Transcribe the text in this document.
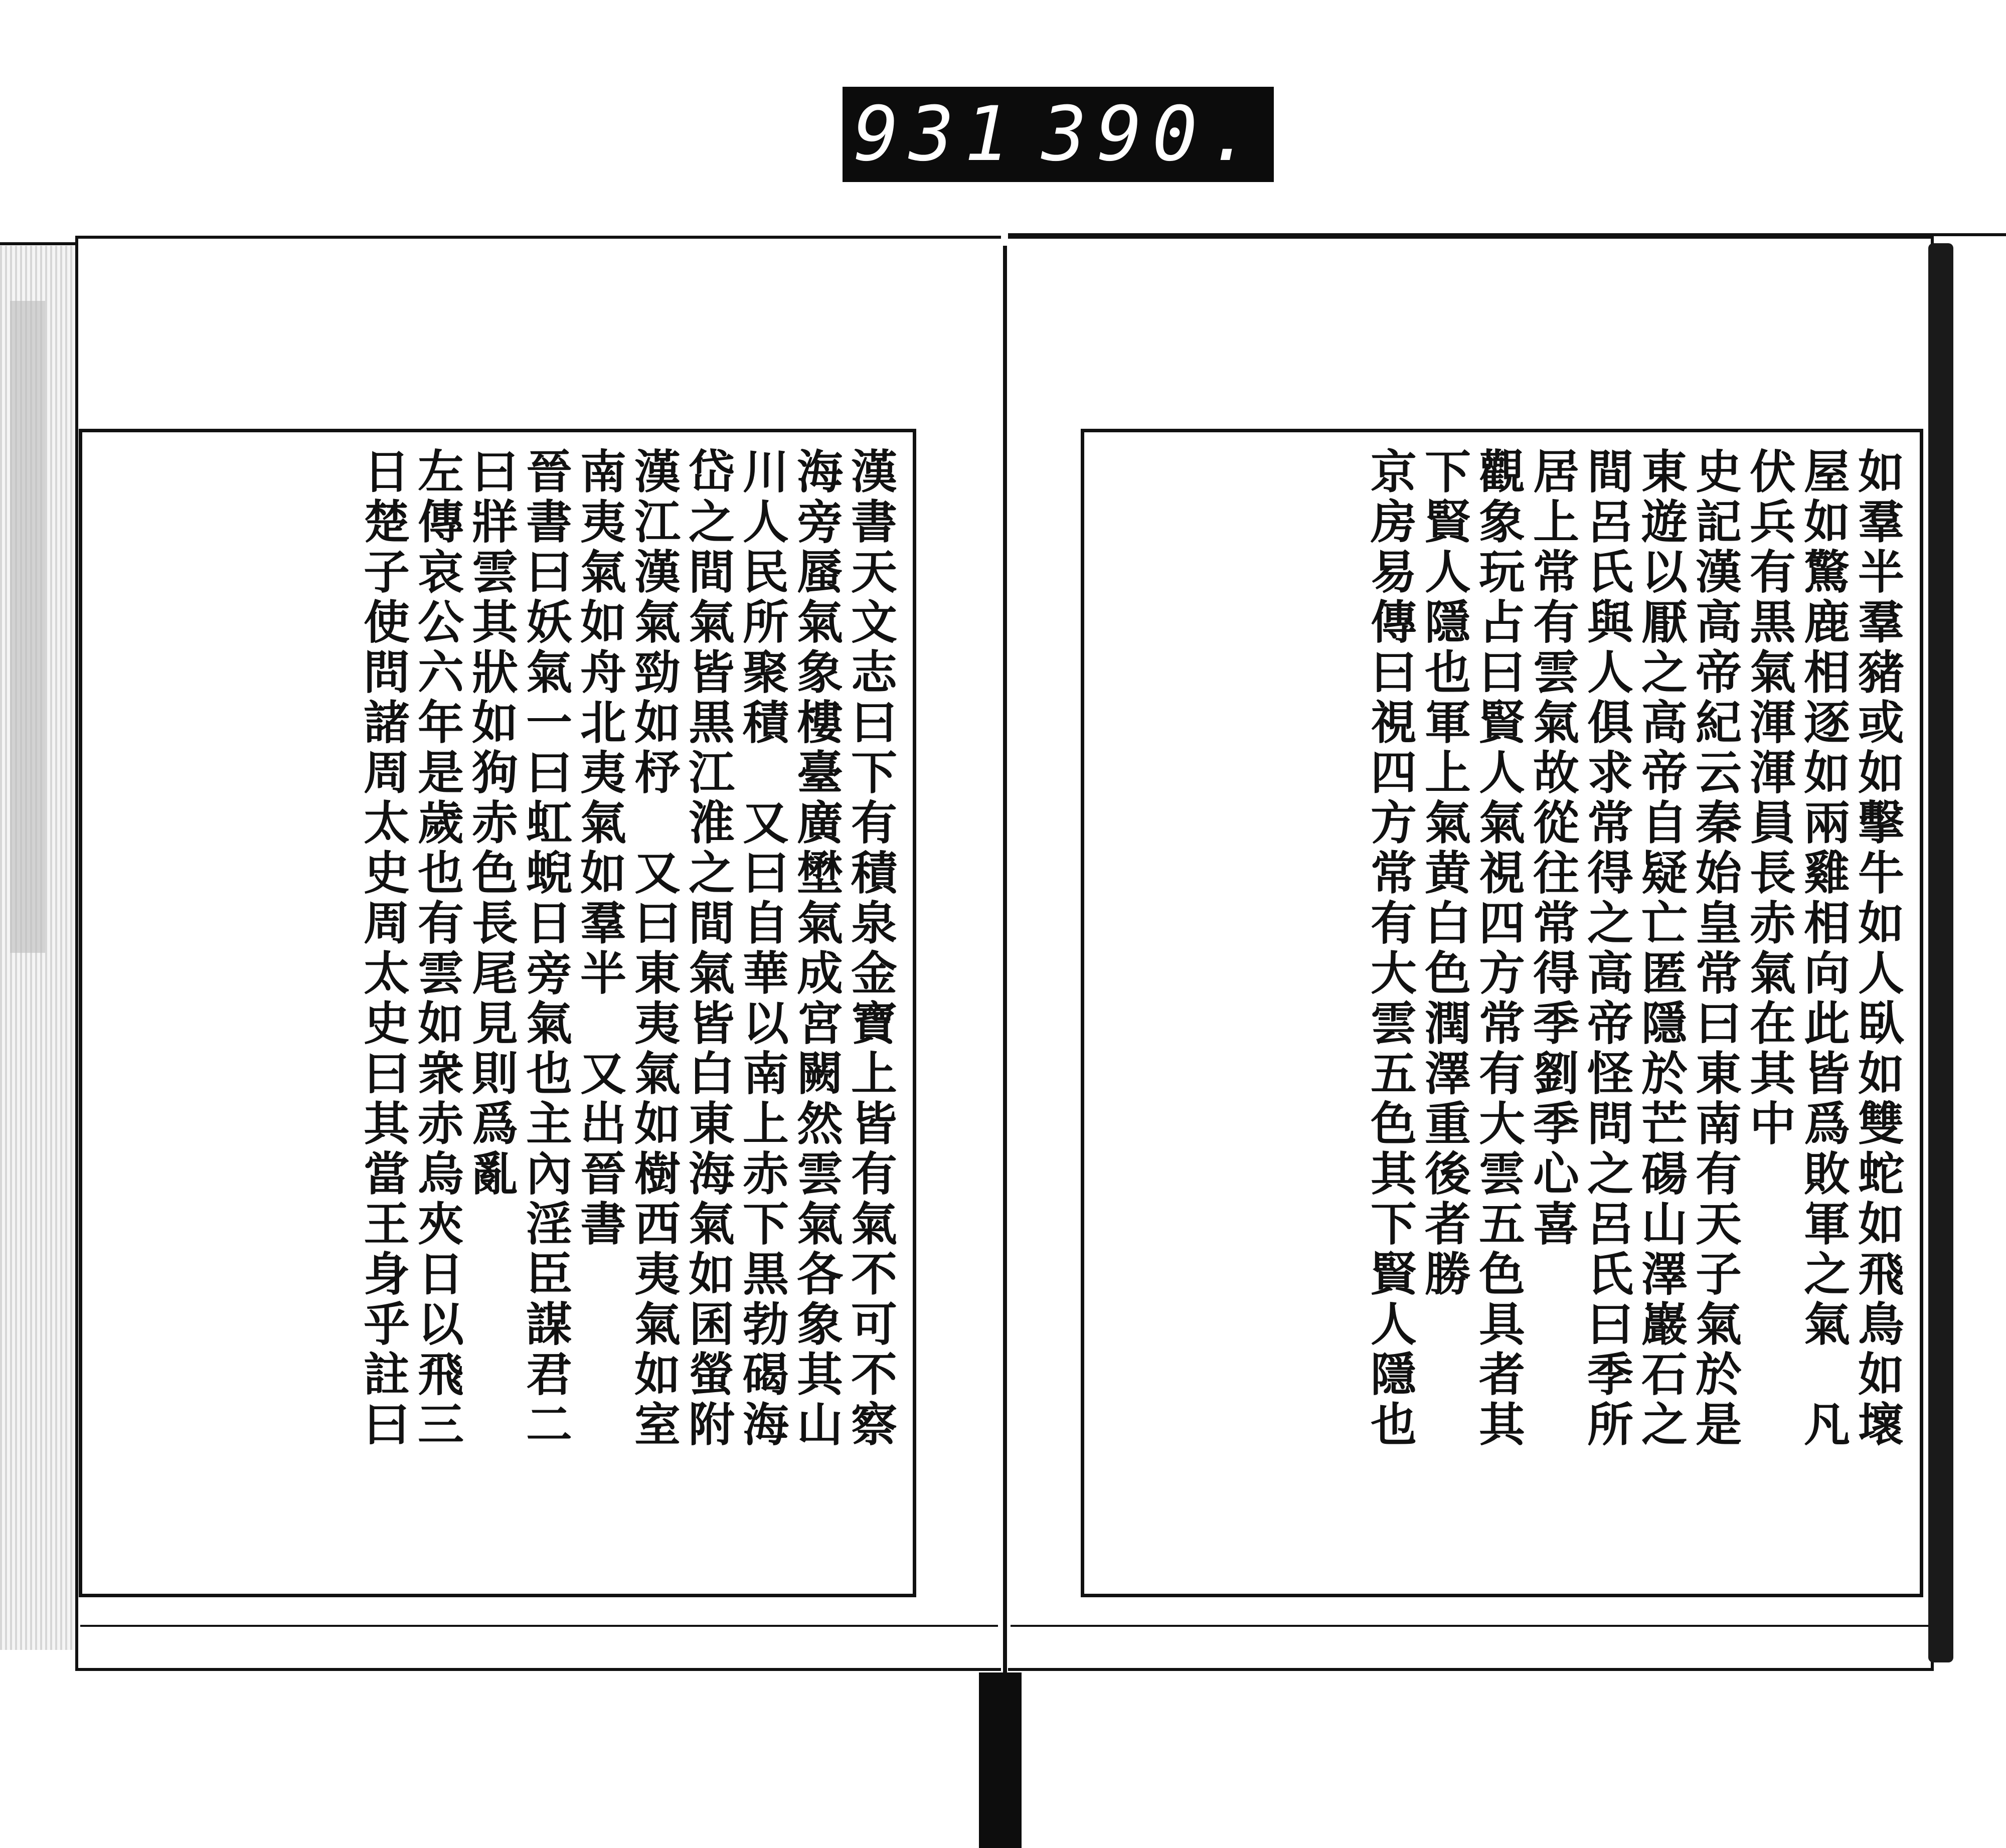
931 390.
漢書天文志曰下有積泉金寶上皆有氣不可不察
海旁蜃氣象樓臺廣壄氣成宮闕然雲氣各象其山
川人民所聚積　又曰自華以南上赤下黒勃碣海
岱之間氣皆黒江淮之間氣皆白東海氣如囷螢附
漢江漢氣勁如杼　又曰東夷氣如樹西夷氣如室
南夷氣如舟北夷氣如羣半　又出晉書
晉書曰妖氣一曰虹蜺日旁氣也主內淫臣謀君二
曰牂雲其狀如狗赤色長尾見則爲亂
左傳哀公六年是歲也有雲如衆赤烏夾日以飛三
日楚子使問諸周太史周太史曰其當王身乎註曰	如羣半羣豬或如擊牛如人臥如雙蛇如飛鳥如壞
屋如驚鹿相逐如兩雞相向此皆爲敗軍之氣　凡
伏兵有黒氣渾渾員長赤氣在其中
史記漢高帝紀云秦始皇常曰東南有天子氣於是
東遊以厭之高帝自疑亡匿隱於芒碭山澤巖石之
間呂氏與人俱求常得之高帝怪問之呂氏曰季所
居上常有雲氣故從往常得季劉季心喜
觀象玩占曰賢人氣視四方常有大雲五色具者其
下賢人隱也軍上氣黄白色潤澤重後者勝
京房易傳曰視四方常有大雲五色其下賢人隱也
